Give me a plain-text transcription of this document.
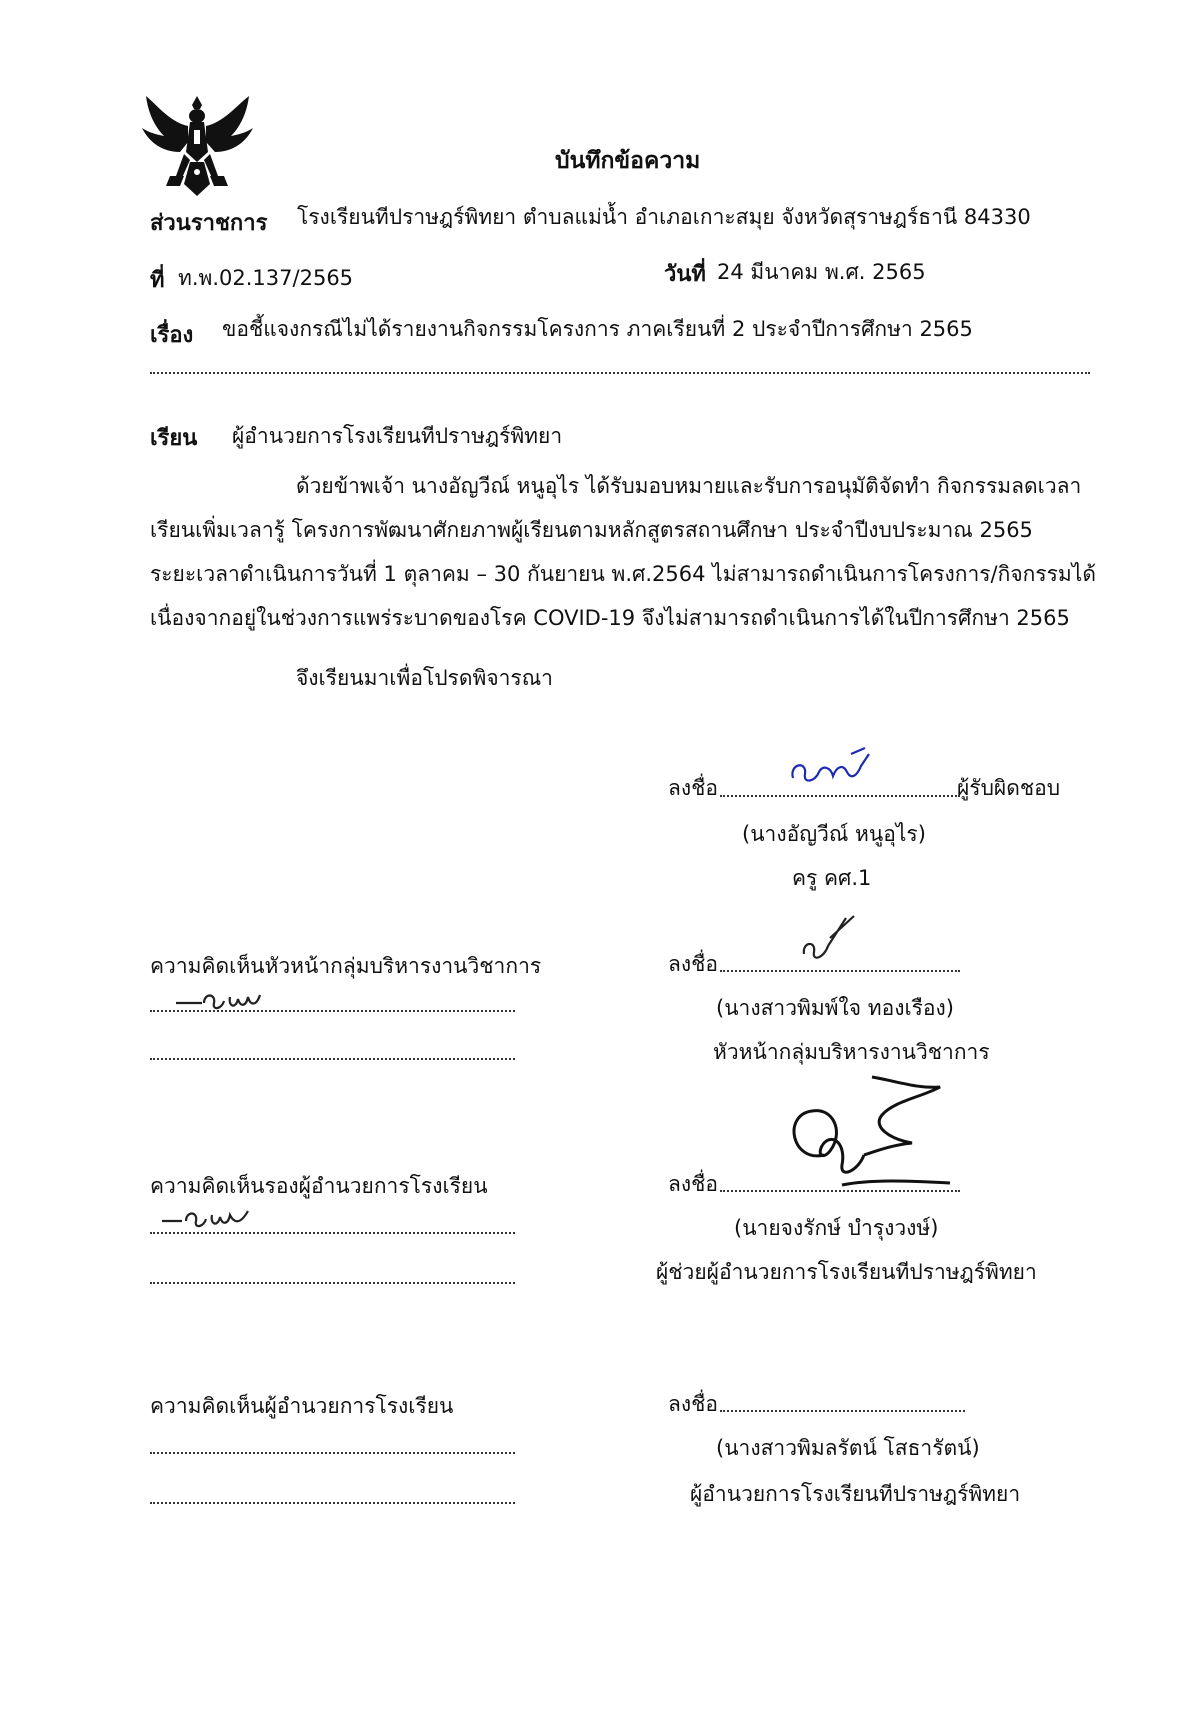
บันทึกข้อความ
ส่วนราชการ โรงเรียนทีปราษฎร์พิทยา ตำบลแม่น้ำ อำเภอเกาะสมุย จังหวัดสุราษฎร์ธานี 84330
ที่ ท.พ.02.137/2565	วันที่ 24 มีนาคม พ.ศ. 2565
เรื่อง ขอชี้แจงกรณีไม่ได้รายงานกิจกรรมโครงการ ภาคเรียนที่ 2 ประจำปีการศึกษา 2565
เรียน ผู้อำนวยการโรงเรียนทีปราษฎร์พิทยา
ด้วยข้าพเจ้า นางอัญวีณ์ หนูอุไร ได้รับมอบหมายและรับการอนุมัติจัดทำ กิจกรรมลดเวลา
เรียนเพิ่มเวลารู้ โครงการพัฒนาศักยภาพผู้เรียนตามหลักสูตรสถานศึกษา ประจำปีงบประมาณ 2565
ระยะเวลาดำเนินการวันที่ 1 ตุลาคม – 30 กันยายน พ.ศ.2564 ไม่สามารถดำเนินการโครงการ/กิจกรรมได้
เนื่องจากอยู่ในช่วงการแพร่ระบาดของโรค COVID-19 จึงไม่สามารถดำเนินการได้ในปีการศึกษา 2565
จึงเรียนมาเพื่อโปรดพิจารณา
ลงชื่อ	ผู้รับผิดชอบ
(นางอัญวีณ์ หนูอุไร)
ครู คศ.1
ความคิดเห็นหัวหน้ากลุ่มบริหารงานวิชาการ	ลงชื่อ
(นางสาวพิมพ์ใจ ทองเรือง)
หัวหน้ากลุ่มบริหารงานวิชาการ
ความคิดเห็นรองผู้อำนวยการโรงเรียน	ลงชื่อ
(นายจงรักษ์ บำรุงวงษ์)
ผู้ช่วยผู้อำนวยการโรงเรียนทีปราษฎร์พิทยา
ความคิดเห็นผู้อำนวยการโรงเรียน	ลงชื่อ
(นางสาวพิมลรัตน์ โสธารัตน์)
ผู้อำนวยการโรงเรียนทีปราษฎร์พิทยา
